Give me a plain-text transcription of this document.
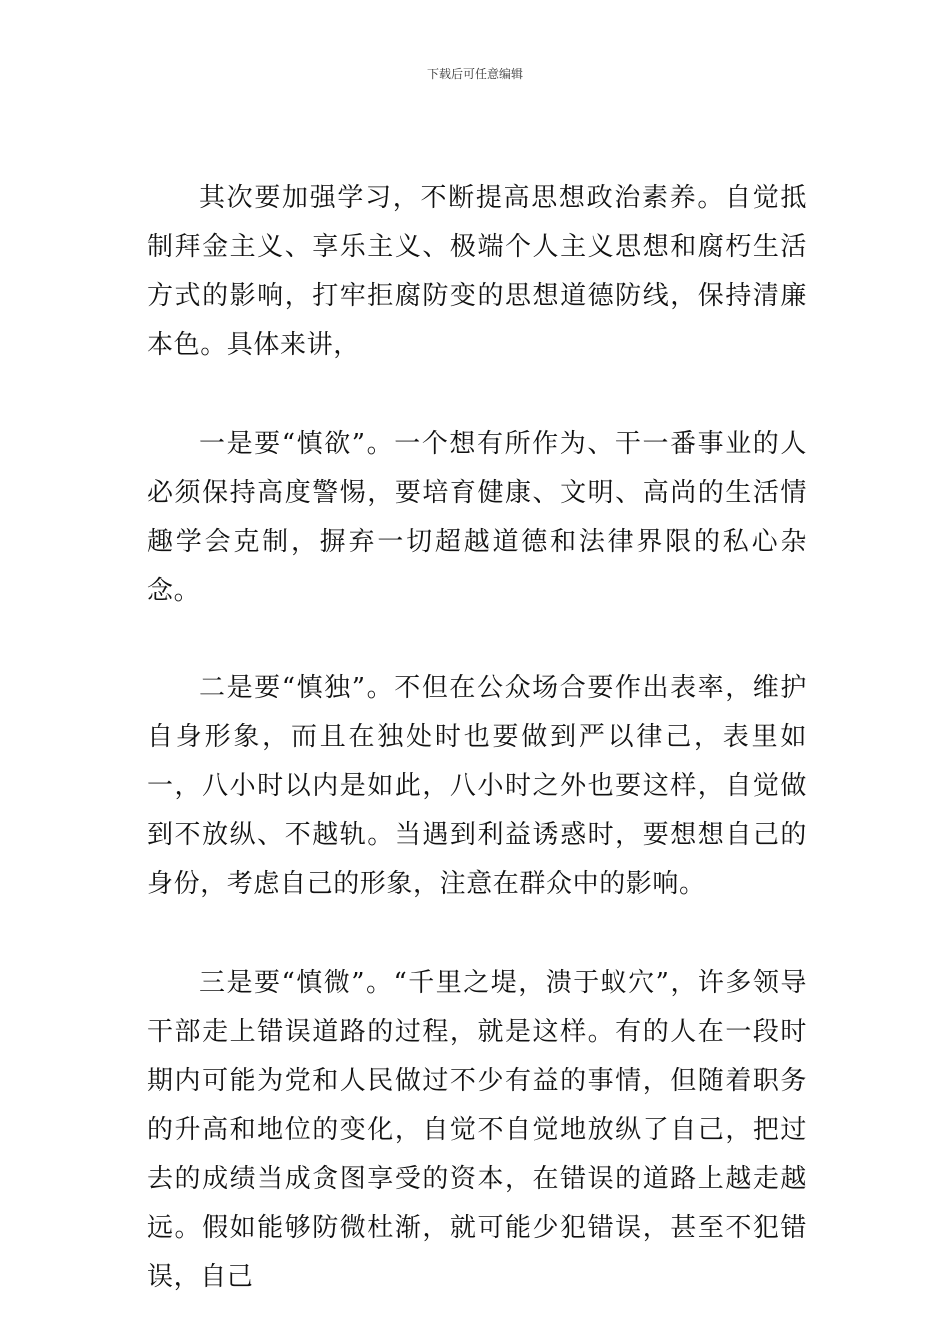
下载后可任意编辑

其次要加强学习，不断提高思想政治素养。自觉抵制拜金主义、享乐主义、极端个人主义思想和腐朽生活方式的影响，打牢拒腐防变的思想道德防线，保持清廉本色。具体来讲，

一是要“慎欲”。一个想有所作为、干一番事业的人必须保持高度警惕，要培育健康、文明、高尚的生活情趣学会克制，摒弃一切超越道德和法律界限的私心杂念。

二是要“慎独”。不但在公众场合要作出表率，维护自身形象，而且在独处时也要做到严以律己，表里如一，八小时以内是如此，八小时之外也要这样，自觉做到不放纵、不越轨。当遇到利益诱惑时，要想想自己的身份，考虑自己的形象，注意在群众中的影响。

三是要“慎微”。“千里之堤，溃于蚁穴”，许多领导干部走上错误道路的过程，就是这样。有的人在一段时期内可能为党和人民做过不少有益的事情，但随着职务的升高和地位的变化，自觉不自觉地放纵了自己，把过去的成绩当成贪图享受的资本，在错误的道路上越走越远。假如能够防微杜渐，就可能少犯错误，甚至不犯错误，自己
